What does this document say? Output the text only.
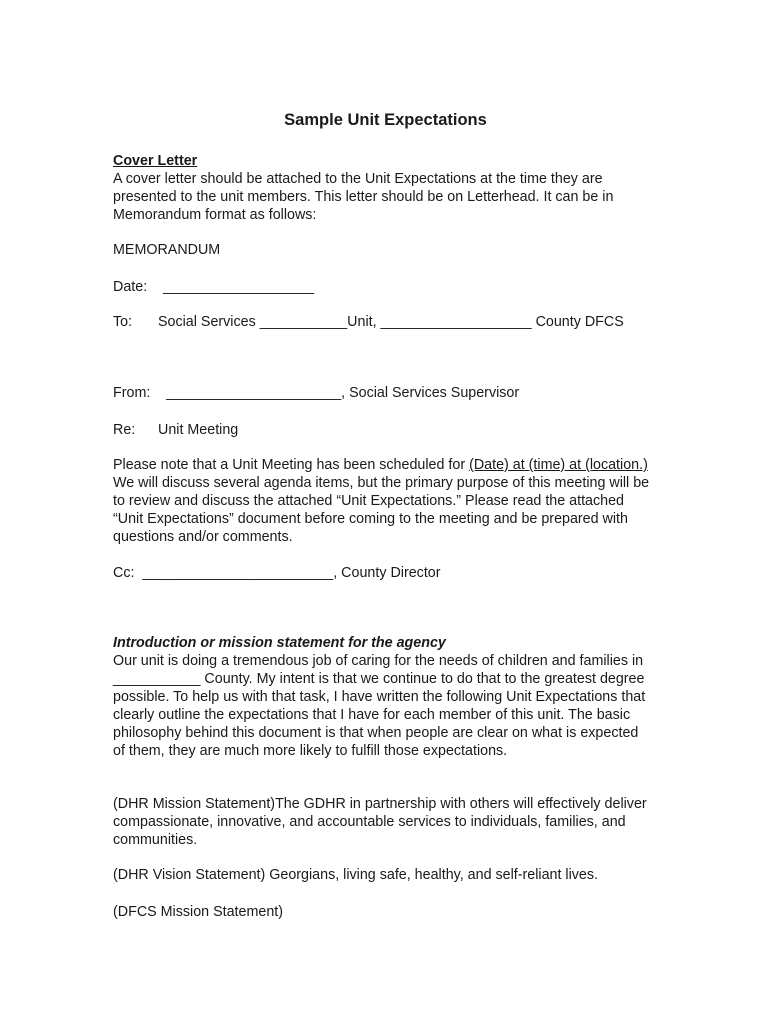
Sample Unit Expectations
Cover Letter
A cover letter should be attached to the Unit Expectations at the time they are presented to the unit members. This letter should be on Letterhead. It can be in Memorandum format as follows:
MEMORANDUM
Date: ___________________
To: Social Services ___________Unit, ___________________ County DFCS
From: ______________________, Social Services Supervisor
Re: Unit Meeting
Please note that a Unit Meeting has been scheduled for (Date) at (time) at (location.) We will discuss several agenda items, but the primary purpose of this meeting will be to review and discuss the attached “Unit Expectations.” Please read the attached “Unit Expectations” document before coming to the meeting and be prepared with questions and/or comments.
Cc: ________________________, County Director
Introduction or mission statement for the agency
Our unit is doing a tremendous job of caring for the needs of children and families in ___________ County. My intent is that we continue to do that to the greatest degree possible. To help us with that task, I have written the following Unit Expectations that clearly outline the expectations that I have for each member of this unit. The basic philosophy behind this document is that when people are clear on what is expected of them, they are much more likely to fulfill those expectations.
(DHR Mission Statement)The GDHR in partnership with others will effectively deliver compassionate, innovative, and accountable services to individuals, families, and communities.
(DHR Vision Statement) Georgians, living safe, healthy, and self-reliant lives.
(DFCS Mission Statement)
